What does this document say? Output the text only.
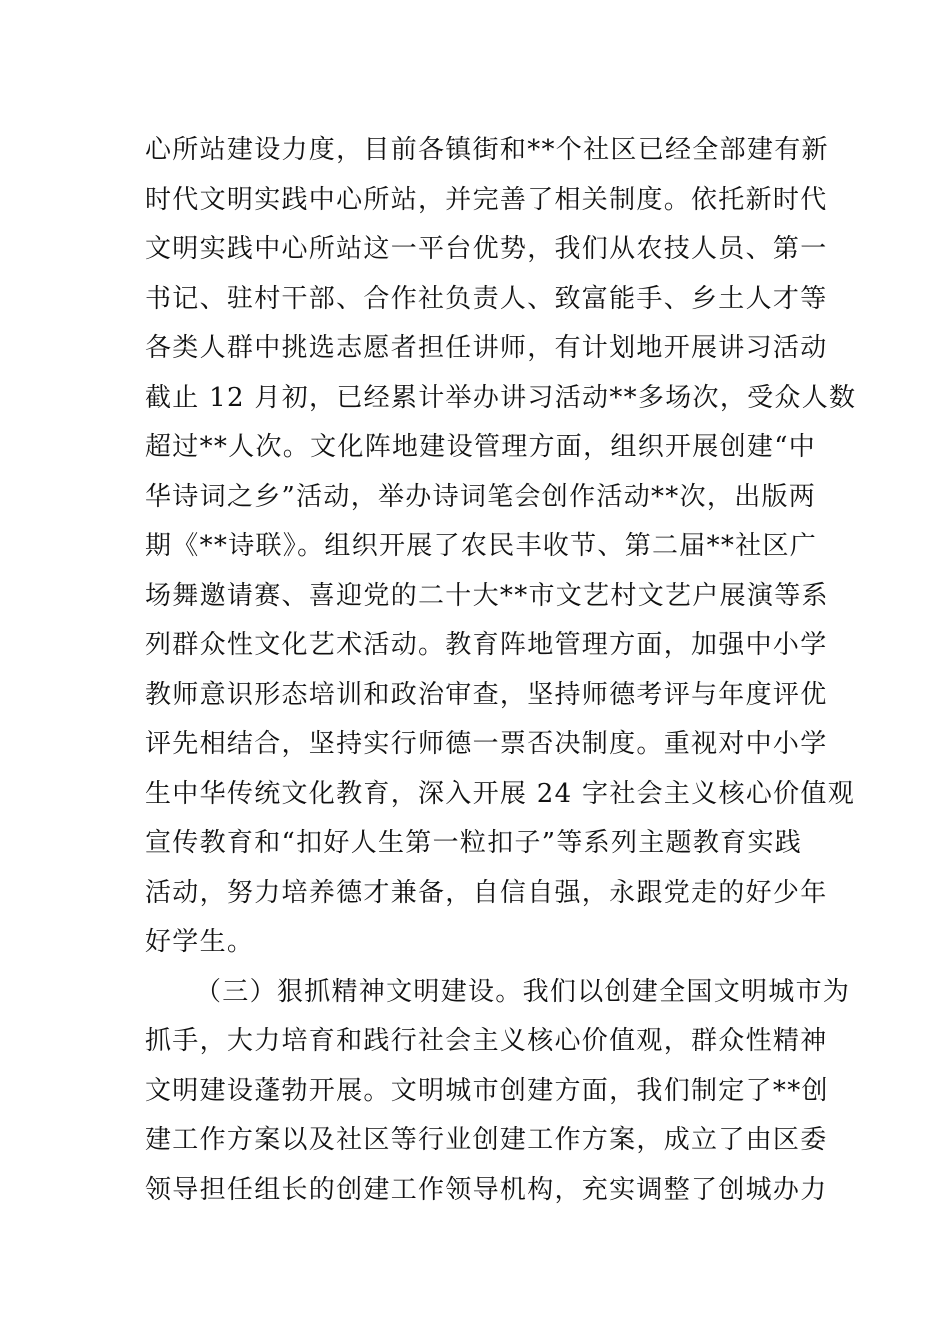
心所站建设力度，目前各镇街和**个社区已经全部建有新
时代文明实践中心所站，并完善了相关制度。依托新时代
文明实践中心所站这一平台优势，我们从农技人员、第一
书记、驻村干部、合作社负责人、致富能手、乡土人才等
各类人群中挑选志愿者担任讲师，有计划地开展讲习活动
截止 12 月初，已经累计举办讲习活动**多场次，受众人数
超过**人次。文化阵地建设管理方面，组织开展创建“中
华诗词之乡”活动，举办诗词笔会创作活动**次，出版两
期《**诗联》。组织开展了农民丰收节、第二届**社区广
场舞邀请赛、喜迎党的二十大**市文艺村文艺户展演等系
列群众性文化艺术活动。教育阵地管理方面，加强中小学
教师意识形态培训和政治审查，坚持师德考评与年度评优
评先相结合，坚持实行师德一票否决制度。重视对中小学
生中华传统文化教育，深入开展 24 字社会主义核心价值观
宣传教育和“扣好人生第一粒扣子”等系列主题教育实践
活动，努力培养德才兼备，自信自强，永跟党走的好少年
好学生。
（三）狠抓精神文明建设。我们以创建全国文明城市为
抓手，大力培育和践行社会主义核心价值观，群众性精神
文明建设蓬勃开展。文明城市创建方面，我们制定了**创
建工作方案以及社区等行业创建工作方案，成立了由区委
领导担任组长的创建工作领导机构，充实调整了创城办力
